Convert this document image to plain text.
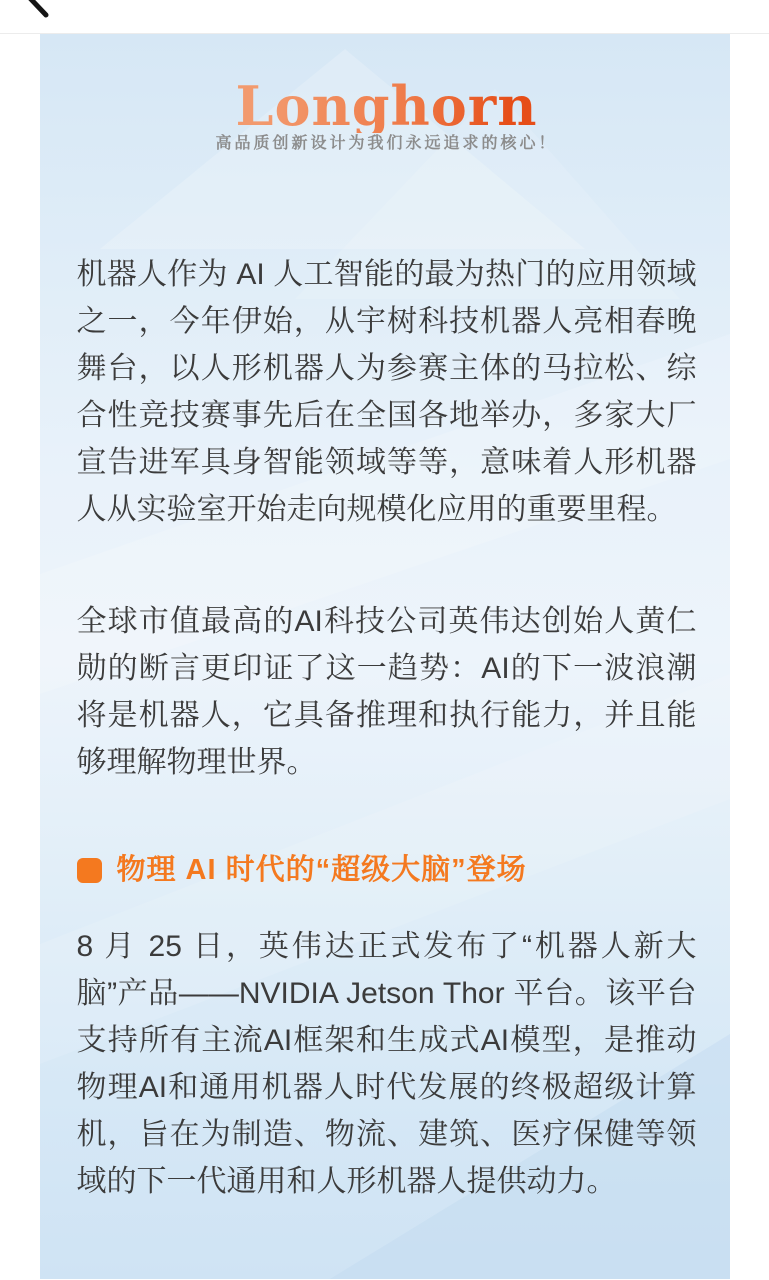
Longhorn
高品质创新设计为我们永远追求的核心！

机器人作为 AI 人工智能的最为热门的应用领域之一，今年伊始，从宇树科技机器人亮相春晚舞台，以人形机器人为参赛主体的马拉松、综合性竞技赛事先后在全国各地举办，多家大厂宣告进军具身智能领域等等，意味着人形机器人从实验室开始走向规模化应用的重要里程。

全球市值最高的AI科技公司英伟达创始人黄仁勋的断言更印证了这一趋势：AI的下一波浪潮将是机器人，它具备推理和执行能力，并且能够理解物理世界。

物理 AI 时代的“超级大脑”登场

8 月 25 日，英伟达正式发布了“机器人新大脑”产品——NVIDIA Jetson Thor 平台。该平台支持所有主流AI框架和生成式AI模型，是推动物理AI和通用机器人时代发展的终极超级计算机，旨在为制造、物流、建筑、医疗保健等领域的下一代通用和人形机器人提供动力。
